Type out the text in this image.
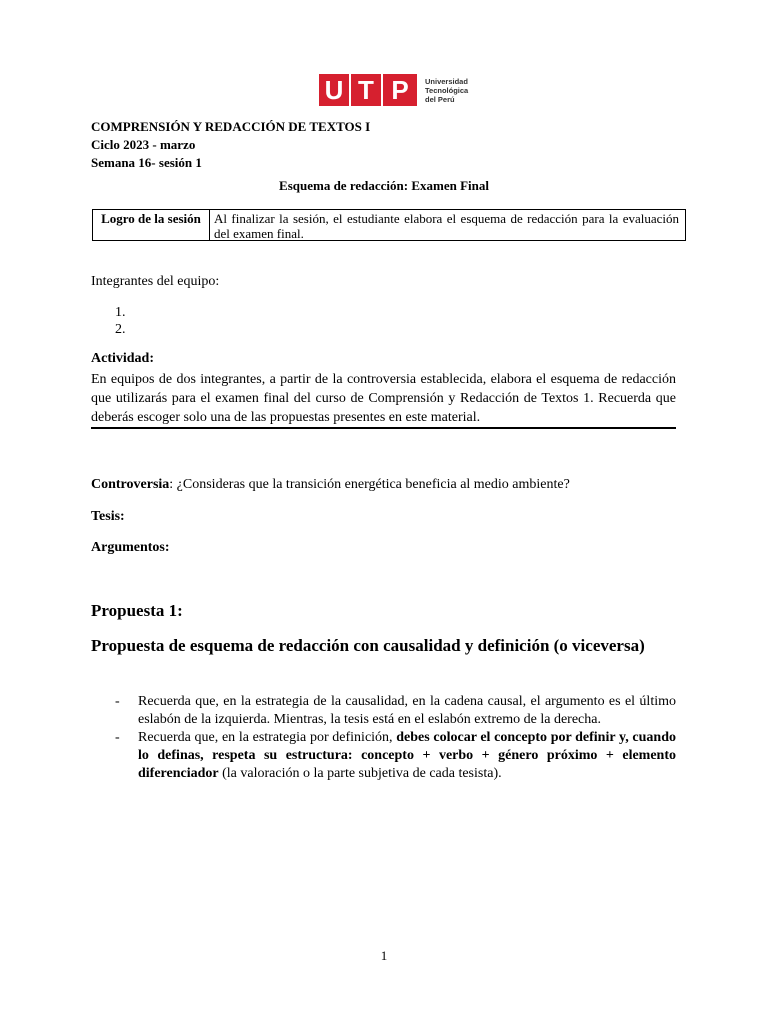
U T P	Universidad
Tecnológica
del Perú
COMPRENSIÓN Y REDACCIÓN DE TEXTOS I
Ciclo 2023 - marzo
Semana 16- sesión 1
Esquema de redacción: Examen Final
Logro de la sesión	Al finalizar la sesión, el estudiante elabora el esquema de redacción para la evaluación del examen final.
Integrantes del equipo:
1.
2.
Actividad:
En equipos de dos integrantes, a partir de la controversia establecida, elabora el esquema de redacción que utilizarás para el examen final del curso de Comprensión y Redacción de Textos 1. Recuerda que deberás escoger solo una de las propuestas presentes en este material.
Controversia: ¿Consideras que la transición energética beneficia al medio ambiente?
Tesis:
Argumentos:
Propuesta 1:
Propuesta de esquema de redacción con causalidad y definición (o viceversa)
-	Recuerda que, en la estrategia de la causalidad, en la cadena causal, el argumento es el último eslabón de la izquierda. Mientras, la tesis está en el eslabón extremo de la derecha.
-	Recuerda que, en la estrategia por definición, debes colocar el concepto por definir y, cuando lo definas, respeta su estructura: concepto + verbo + género próximo + elemento diferenciador (la valoración o la parte subjetiva de cada tesista).
1
